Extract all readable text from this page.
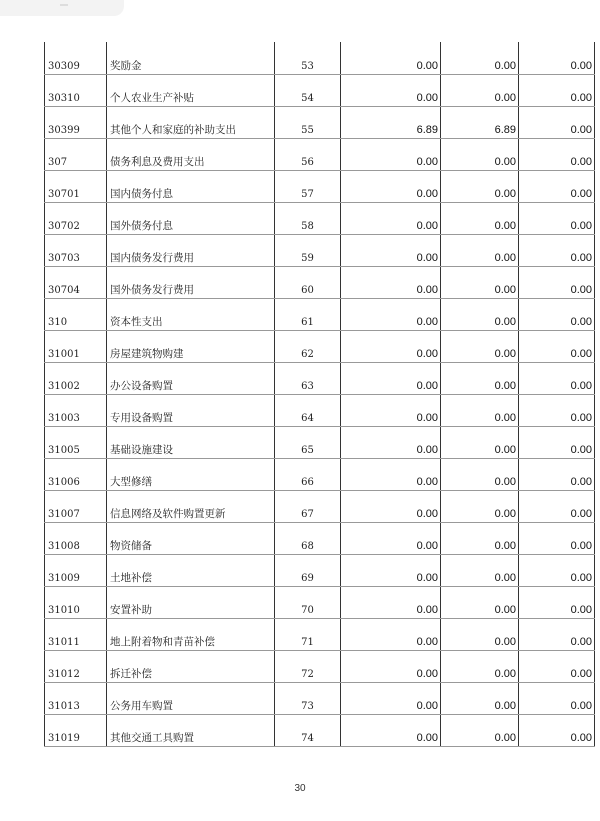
30309	奖励金	53	0.00	0.00	0.00
30310	个人农业生产补贴	54	0.00	0.00	0.00
30399	其他个人和家庭的补助支出	55	6.89	6.89	0.00
307	债务利息及费用支出	56	0.00	0.00	0.00
30701	国内债务付息	57	0.00	0.00	0.00
30702	国外债务付息	58	0.00	0.00	0.00
30703	国内债务发行费用	59	0.00	0.00	0.00
30704	国外债务发行费用	60	0.00	0.00	0.00
310	资本性支出	61	0.00	0.00	0.00
31001	房屋建筑物购建	62	0.00	0.00	0.00
31002	办公设备购置	63	0.00	0.00	0.00
31003	专用设备购置	64	0.00	0.00	0.00
31005	基础设施建设	65	0.00	0.00	0.00
31006	大型修缮	66	0.00	0.00	0.00
31007	信息网络及软件购置更新	67	0.00	0.00	0.00
31008	物资储备	68	0.00	0.00	0.00
31009	土地补偿	69	0.00	0.00	0.00
31010	安置补助	70	0.00	0.00	0.00
31011	地上附着物和青苗补偿	71	0.00	0.00	0.00
31012	拆迁补偿	72	0.00	0.00	0.00
31013	公务用车购置	73	0.00	0.00	0.00
31019	其他交通工具购置	74	0.00	0.00	0.00
30
